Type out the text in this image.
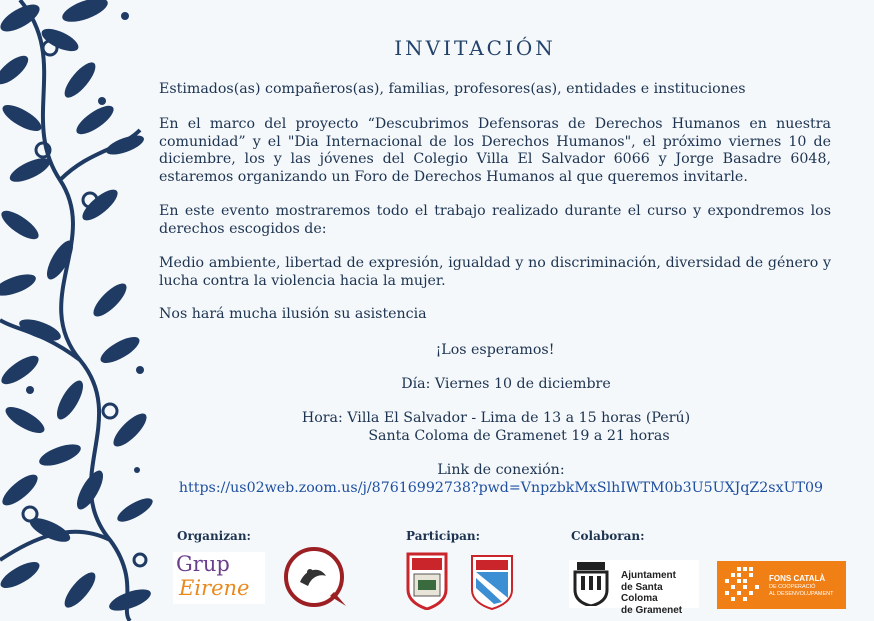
INVITACIÓN

Estimados(as) compañeros(as), familias, profesores(as), entidades e instituciones

En el marco del proyecto “Descubrimos Defensoras de Derechos Humanos en nuestra comunidad” y el "Dia Internacional de los Derechos Humanos", el próximo viernes 10 de diciembre, los y las jóvenes del Colegio Villa El Salvador 6066 y Jorge Basadre 6048, estaremos organizando un Foro de Derechos Humanos al que queremos invitarle.

En este evento mostraremos todo el trabajo realizado durante el curso y expondremos los derechos escogidos de:

Medio ambiente, libertad de expresión, igualdad y no discriminación, diversidad de género y lucha contra la violencia hacia la mujer.

Nos hará mucha ilusión su asistencia

¡Los esperamos!

Día: Viernes 10 de diciembre

Hora: Villa El Salvador - Lima de 13 a 15 horas (Perú)

Santa Coloma de Gramenet 19 a 21 horas

Link de conexión:

https://us02web.zoom.us/j/87616992738?pwd=VnpzbkMxSlhIWTM0b3U5UXJqZ2sxUT09

Organizan:	Participan:	Colaboran:
Grup
Eirene
Ajuntament
de Santa Coloma
de Gramenet
FONS CATALÀ
DE COOPERACIÓ
AL DESENVOLUPAMENT
